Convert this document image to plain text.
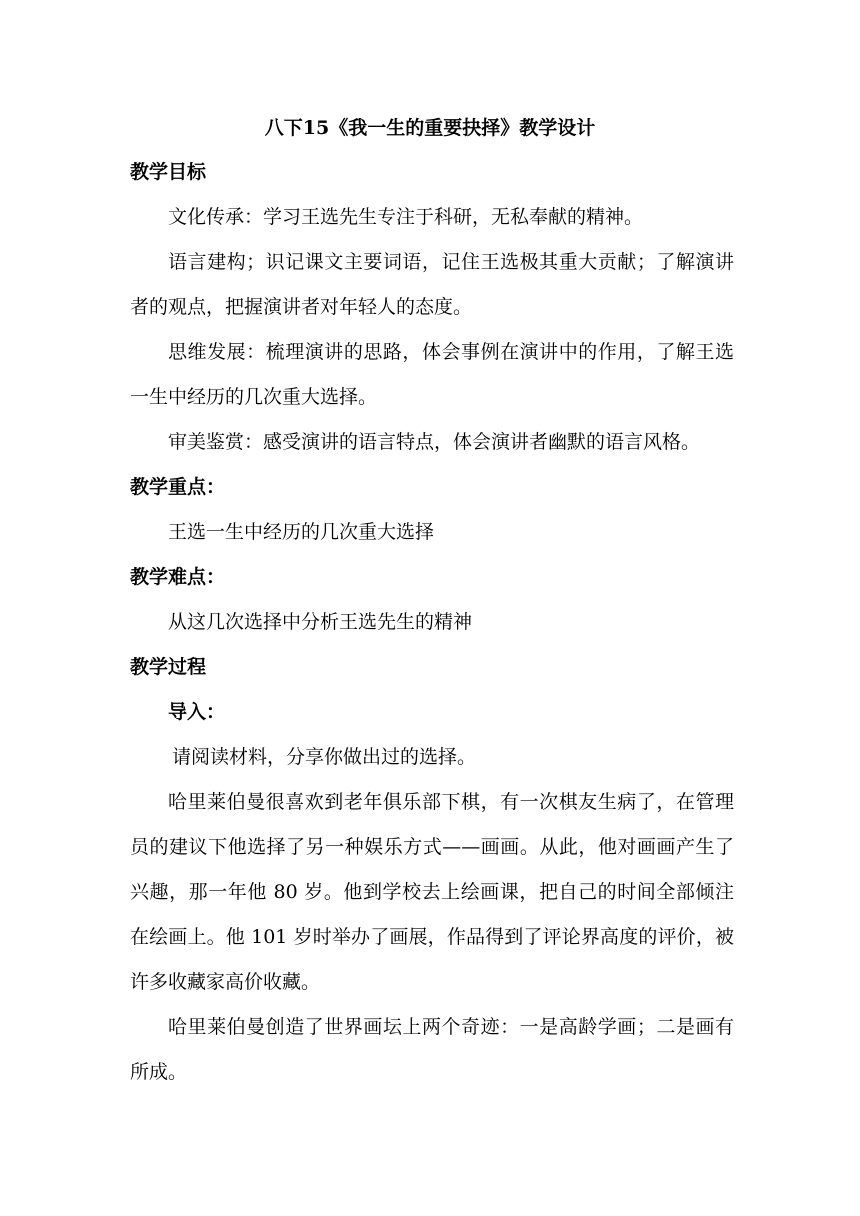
八下15《我一生的重要抉择》教学设计
教学目标

文化传承：学习王选先生专注于科研，无私奉献的精神。

语言建构；识记课文主要词语，记住王选极其重大贡献；了解演讲者的观点，把握演讲者对年轻人的态度。

思维发展：梳理演讲的思路，体会事例在演讲中的作用，了解王选一生中经历的几次重大选择。

审美鉴赏：感受演讲的语言特点，体会演讲者幽默的语言风格。

教学重点：

王选一生中经历的几次重大选择

教学难点：

从这几次选择中分析王选先生的精神

教学过程

导入：

请阅读材料，分享你做出过的选择。

哈里莱伯曼很喜欢到老年俱乐部下棋，有一次棋友生病了，在管理员的建议下他选择了另一种娱乐方式——画画。从此，他对画画产生了兴趣，那一年他 80 岁。他到学校去上绘画课，把自己的时间全部倾注在绘画上。他 101 岁时举办了画展，作品得到了评论界高度的评价，被许多收藏家高价收藏。

哈里莱伯曼创造了世界画坛上两个奇迹：一是高龄学画；二是画有所成。
